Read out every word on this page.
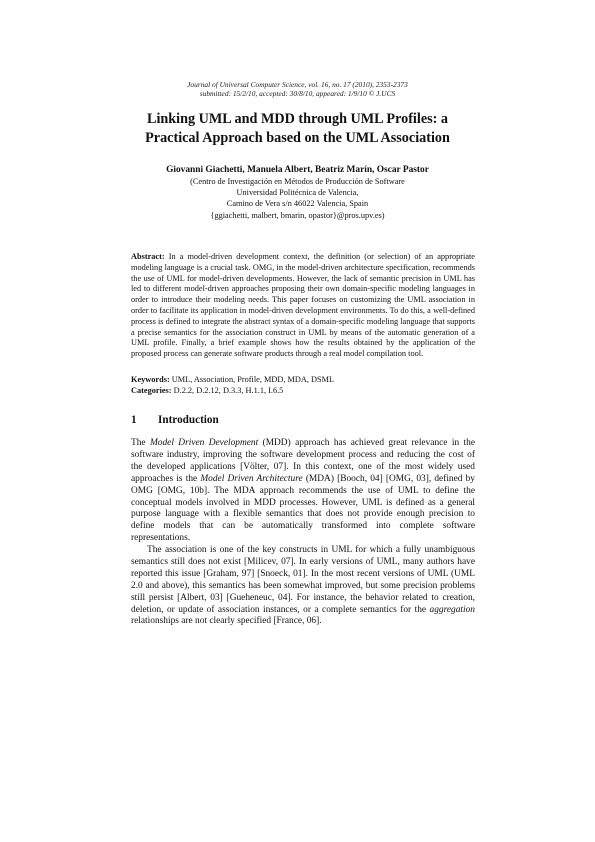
Journal of Universal Computer Science, vol. 16, no. 17 (2010), 2353-2373
submitted: 15/2/10, accepted: 30/8/10, appeared: 1/9/10 © J.UCS
Linking UML and MDD through UML Profiles: a
Practical Approach based on the UML Association
Giovanni Giachetti, Manuela Albert, Beatriz Marín, Oscar Pastor
(Centro de Investigación en Métodos de Producción de Software
Universidad Politécnica de Valencia,
Camino de Vera s/n 46022 Valencia, Spain
{ggiachetti, malbert, bmarin, opastor}@pros.upv.es)

Abstract: In a model-driven development context, the definition (or selection) of an appropriate modeling language is a crucial task. OMG, in the model-driven architecture specification, recommends the use of UML for model-driven developments. However, the lack of semantic precision in UML has led to different model-driven approaches proposing their own domain-specific modeling languages in order to introduce their modeling needs. This paper focuses on customizing the UML association in order to facilitate its application in model-driven development environments. To do this, a well-defined process is defined to integrate the abstract syntax of a domain-specific modeling language that supports a precise semantics for the association construct in UML by means of the automatic generation of a UML profile. Finally, a brief example shows how the results obtained by the application of the proposed process can generate software products through a real model compilation tool.

Keywords: UML, Association, Profile, MDD, MDA, DSML

Categories: D.2.2, D.2.12, D.3.3, H.1.1, I.6.5

1 Introduction

The Model Driven Development (MDD) approach has achieved great relevance in the software industry, improving the software development process and reducing the cost of the developed applications [Völter, 07]. In this context, one of the most widely used approaches is the Model Driven Architecture (MDA) [Booch, 04] [OMG, 03], defined by OMG [OMG, 10b]. The MDA approach recommends the use of UML to define the conceptual models involved in MDD processes. However, UML is defined as a general purpose language with a flexible semantics that does not provide enough precision to define models that can be automatically transformed into complete software representations.

The association is one of the key constructs in UML for which a fully unambiguous semantics still does not exist [Milicev, 07]. In early versions of UML, many authors have reported this issue [Graham, 97] [Snoeck, 01]. In the most recent versions of UML (UML 2.0 and above), this semantics has been somewhat improved, but some precision problems still persist [Albert, 03] [Gueheneuc, 04]. For instance, the behavior related to creation, deletion, or update of association instances, or a complete semantics for the aggregation relationships are not clearly specified [France, 06].
